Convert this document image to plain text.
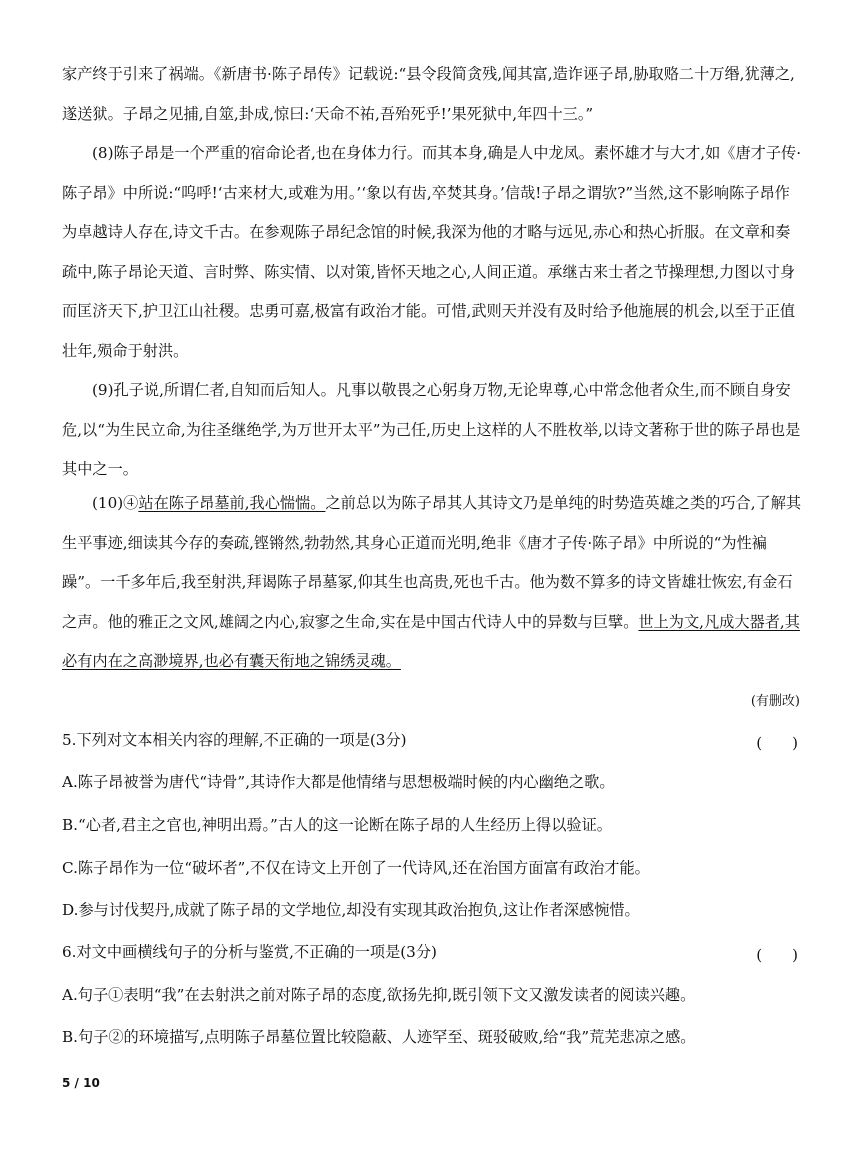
家产终于引来了祸端。《新唐书·陈子昂传》记载说:“县令段简贪残,闻其富,造诈诬子昂,胁取赂二十万缗,犹薄之,遂送狱。子昂之见捕,自筮,卦成,惊曰:‘天命不祐,吾殆死乎!’果死狱中,年四十三。”

(8)陈子昂是一个严重的宿命论者,也在身体力行。而其本身,确是人中龙凤。素怀雄才与大才,如《唐才子传·陈子昂》中所说:“呜呼!‘古来材大,或难为用。’‘象以有齿,卒焚其身。’信哉!子昂之谓欤?”当然,这不影响陈子昂作为卓越诗人存在,诗文千古。在参观陈子昂纪念馆的时候,我深为他的才略与远见,赤心和热心折服。在文章和奏疏中,陈子昂论天道、言时弊、陈实情、以对策,皆怀天地之心,人间正道。承继古来士者之节操理想,力图以寸身而匡济天下,护卫江山社稷。忠勇可嘉,极富有政治才能。可惜,武则天并没有及时给予他施展的机会,以至于正值壮年,殒命于射洪。

(9)孔子说,所谓仁者,自知而后知人。凡事以敬畏之心躬身万物,无论卑尊,心中常念他者众生,而不顾自身安危,以“为生民立命,为往圣继绝学,为万世开太平”为己任,历史上这样的人不胜枚举,以诗文著称于世的陈子昂也是其中之一。

(10)④站在陈子昂墓前,我心惴惴。之前总以为陈子昂其人其诗文乃是单纯的时势造英雄之类的巧合,了解其生平事迹,细读其今存的奏疏,铿锵然,勃勃然,其身心正道而光明,绝非《唐才子传·陈子昂》中所说的“为性褊躁”。一千多年后,我至射洪,拜谒陈子昂墓冢,仰其生也高贵,死也千古。他为数不算多的诗文皆雄壮恢宏,有金石之声。他的雅正之文风,雄阔之内心,寂寥之生命,实在是中国古代诗人中的异数与巨擘。世上为文,凡成大器者,其必有内在之高渺境界,也必有囊天衔地之锦绣灵魂。

(有删改)
5.下列对文本相关内容的理解,不正确的一项是(3分)	(　　)
A.陈子昂被誉为唐代“诗骨”,其诗作大都是他情绪与思想极端时候的内心幽绝之歌。
B.“心者,君主之官也,神明出焉。”古人的这一论断在陈子昂的人生经历上得以验证。
C.陈子昂作为一位“破坏者”,不仅在诗文上开创了一代诗风,还在治国方面富有政治才能。
D.参与讨伐契丹,成就了陈子昂的文学地位,却没有实现其政治抱负,这让作者深感惋惜。
6.对文中画横线句子的分析与鉴赏,不正确的一项是(3分)	(　　)
A.句子①表明“我”在去射洪之前对陈子昂的态度,欲扬先抑,既引领下文又激发读者的阅读兴趣。
B.句子②的环境描写,点明陈子昂墓位置比较隐蔽、人迹罕至、斑驳破败,给“我”荒芜悲凉之感。
5 / 10
